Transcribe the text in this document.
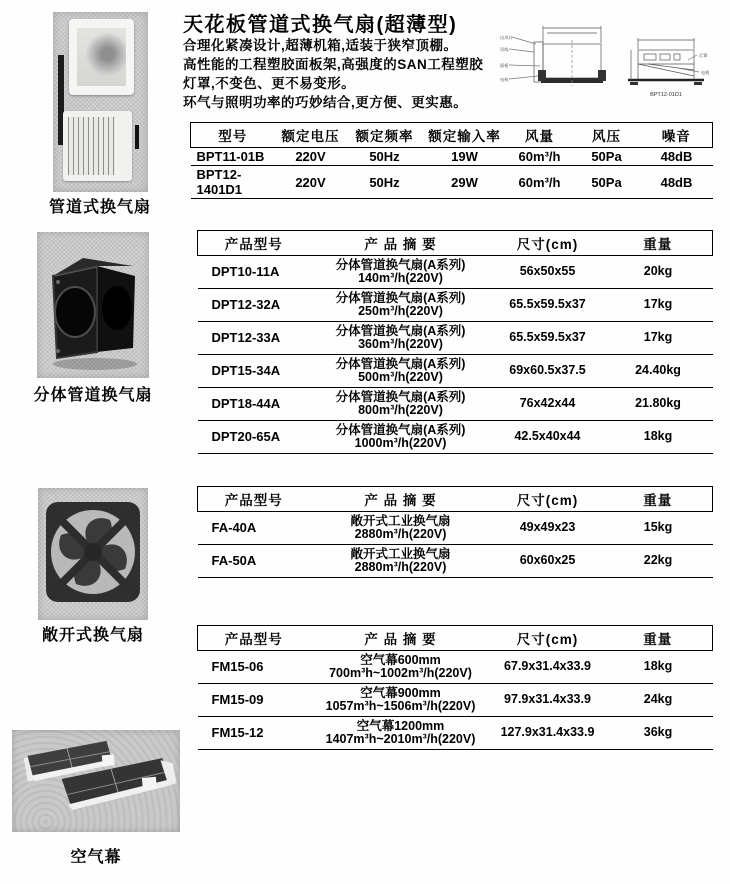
管道式换气扇
分体管道换气扇
敞开式换气扇
空气幕
天花板管道式换气扇(超薄型)
合理化紧凑设计,超薄机箱,适装于狭窄顶棚。
高性能的工程塑胶面板架,高强度的SAN工程塑胶
灯罩,不变色、更不易变形。
环气与照明功率的巧妙结合,更方便、更实惠。
出风口
吊线
面板
电机
灯罩
电机
BPT12-01D1
型号	额定电压	额定频率	额定输入率	风量	风压	噪音

BPT11-01B	220V	50Hz	19W	60m³/h	50Pa	48dB

BPT12-1401D1	220V	50Hz	29W	60m³/h	50Pa	48dB
产品型号	产 品 摘 要	尺寸(cm)	重量

DPT10-11A	分体管道换气扇(A系列)
140m³/h(220V)	56x50x55	20kg

DPT12-32A	分体管道换气扇(A系列)
250m³/h(220V)	65.5x59.5x37	17kg

DPT12-33A	分体管道换气扇(A系列)
360m³/h(220V)	65.5x59.5x37	17kg

DPT15-34A	分体管道换气扇(A系列)
500m³/h(220V)	69x60.5x37.5	24.40kg

DPT18-44A	分体管道换气扇(A系列)
800m³/h(220V)	76x42x44	21.80kg

DPT20-65A	分体管道换气扇(A系列)
1000m³/h(220V)	42.5x40x44	18kg
产品型号	产 品 摘 要	尺寸(cm)	重量

FA-40A	敞开式工业换气扇
2880m³/h(220V)	49x49x23	15kg

FA-50A	敞开式工业换气扇
2880m³/h(220V)	60x60x25	22kg
产品型号	产 品 摘 要	尺寸(cm)	重量

FM15-06	空气幕600mm
700m³h~1002m³/h(220V)	67.9x31.4x33.9	18kg

FM15-09	空气幕900mm
1057m³h~1506m³/h(220V)	97.9x31.4x33.9	24kg

FM15-12	空气幕1200mm
1407m³h~2010m³/h(220V)	127.9x31.4x33.9	36kg
